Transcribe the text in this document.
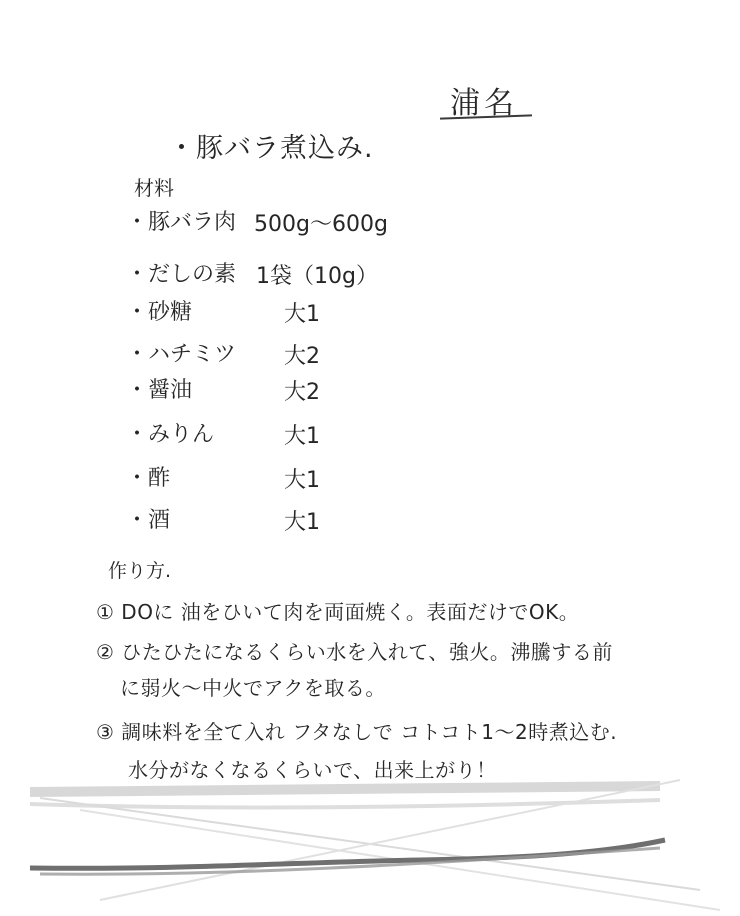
浦名
・豚バラ煮込み.
材料
・豚バラ肉 500g〜600g
・だしの素 1袋（10g）
・砂糖	大1
・ハチミツ 大2
・醤油	大2
・みりん	大1
・酢	大1
・酒	大1
作り方.
① DOに 油をひいて肉を両面焼く。表面だけでOK。
② ひたひたになるくらい水を入れて、強火。沸騰する前
に弱火〜中火でアクを取る。
③ 調味料を全て入れ フタなしで コトコト1〜2時煮込む.
水分がなくなるくらいで、出来上がり！
